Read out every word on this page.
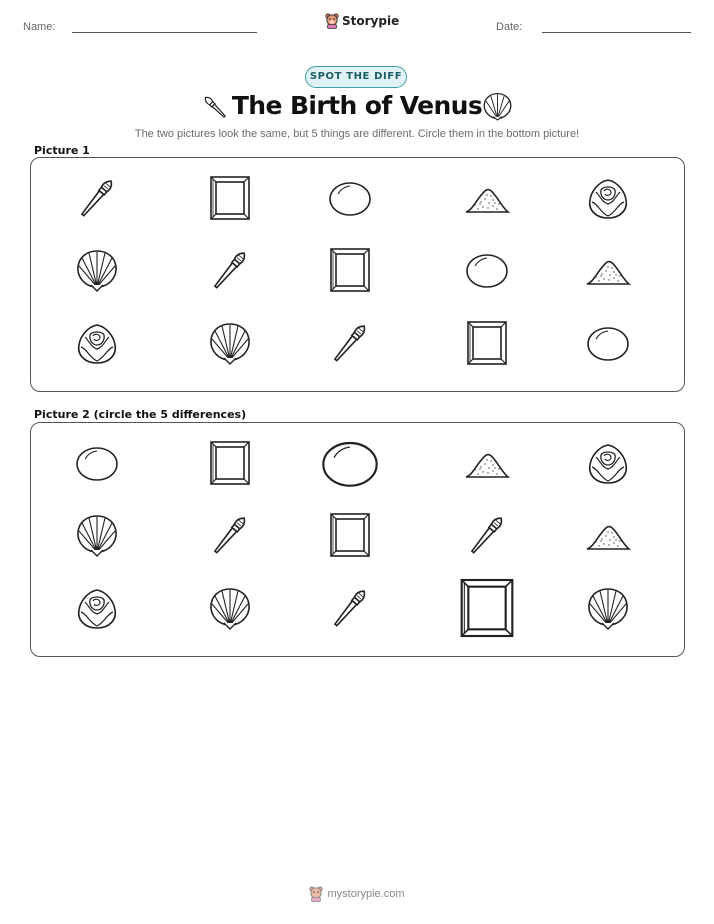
Name:	Storypie	Date:
SPOT THE DIFF
The Birth of Venus
The two pictures look the same, but 5 things are different. Circle them in the bottom picture!
Picture 1
Picture 2 (circle the 5 differences)
mystorypie.com
